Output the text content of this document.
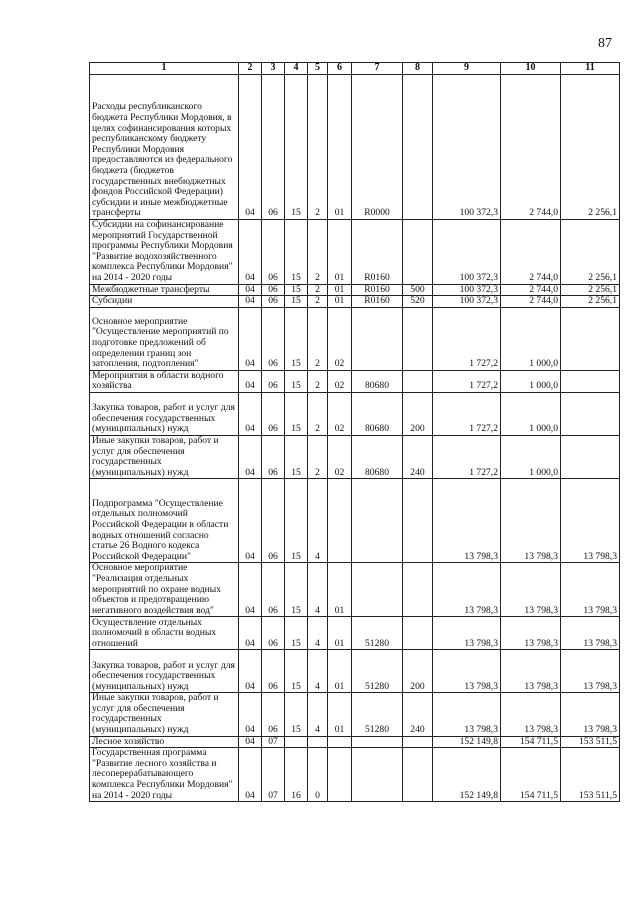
87
1	2	3	4	5	6	7	8	9	10	11
Расходы республиканского бюджета Республики Мордовия, в целях софинансирования которых республиканскому бюджету Республики Мордовия предоставляются из федерального бюджета (бюджетов государственных внебюджетных фондов Российской Федерации) субсидии и иные межбюджетные трансферты	04	06	15	2	01	R0000		100 372,3	2 744,0	2 256,1
Субсидии на софинансирование мероприятий Государственной программы Республики Мордовия "Развитие водохозяйственного комплекса Республики Мордовия" на 2014 - 2020 годы	04	06	15	2	01	R0160		100 372,3	2 744,0	2 256,1
Межбюджетные трансферты	04	06	15	2	01	R0160	500	100 372,3	2 744,0	2 256,1
Субсидии	04	06	15	2	01	R0160	520	100 372,3	2 744,0	2 256,1
Основное мероприятие "Осуществление мероприятий по подготовке предложений об определении границ зон затопления, подтопления"	04	06	15	2	02			1 727,2	1 000,0	
Мероприятия в области водного хозяйства	04	06	15	2	02	80680		1 727,2	1 000,0	
Закупка товаров, работ и услуг для обеспечения государственных (муниципальных) нужд	04	06	15	2	02	80680	200	1 727,2	1 000,0	
Иные закупки товаров, работ и услуг для обеспечения государственных (муниципальных) нужд	04	06	15	2	02	80680	240	1 727,2	1 000,0	
Подпрограмма "Осуществление отдельных полномочий Российской Федерации в области водных отношений согласно статье 26 Водного кодекса Российской Федерации"	04	06	15	4				13 798,3	13 798,3	13 798,3
Основное мероприятие "Реализация отдельных мероприятий по охране водных объектов и предотвращению негативного воздействия вод"	04	06	15	4	01			13 798,3	13 798,3	13 798,3
Осуществление отдельных полномочий в области водных отношений	04	06	15	4	01	51280		13 798,3	13 798,3	13 798,3
Закупка товаров, работ и услуг для обеспечения государственных (муниципальных) нужд	04	06	15	4	01	51280	200	13 798,3	13 798,3	13 798,3
Иные закупки товаров, работ и услуг для обеспечения государственных (муниципальных) нужд	04	06	15	4	01	51280	240	13 798,3	13 798,3	13 798,3
Лесное хозяйство	04	07						152 149,8	154 711,5	153 511,5
Государственная программа "Развитие лесного хозяйства и лесоперерабатывающего комплекса Республики Мордовия" на 2014 - 2020 годы	04	07	16	0				152 149,8	154 711,5	153 511,5
